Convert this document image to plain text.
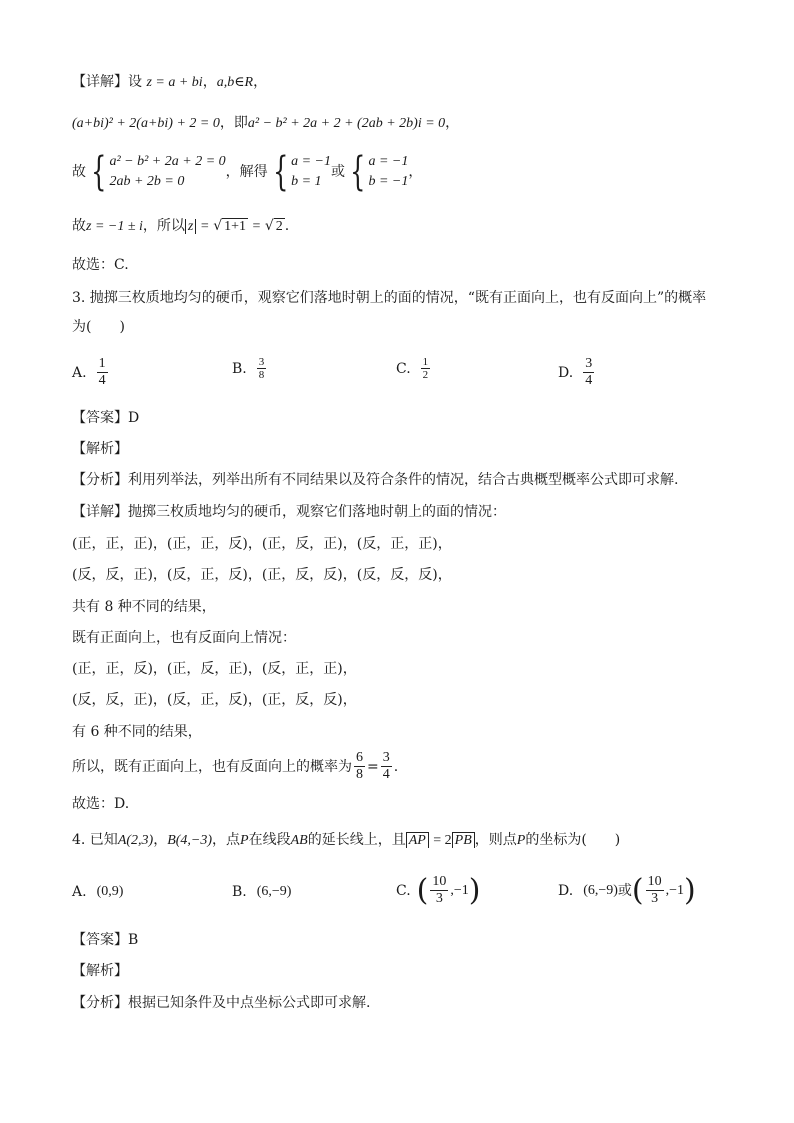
【详解】设 z = a + bi，a,b∈R，
(a+bi)² + 2(a+bi) + 2 = 0，即a² − b² + 2a + 2 + (2ab + 2b)i = 0，
故 { a² − b² + 2a + 2 = 0
2ab + 2b = 0
，解得 { a = −1
b = 1
或 { a = −1
b = −1
，
故z = −1 ± i，所以 z = √ 1+1 = √ 2 .
故选：C.
3. 抛掷三枚质地均匀的硬币，观察它们落地时朝上的面的情况，“既有正面向上，也有反面向上”的概率
为(　　)
A. $\frac{1}{4}$	B. $\frac{3}{8}$	C. $\frac{1}{2}$	D. $\frac{3}{4}$
【答案】D
【解析】
【分析】利用列举法，列举出所有不同结果以及符合条件的情况，结合古典概型概率公式即可求解.
【详解】抛掷三枚质地均匀的硬币，观察它们落地时朝上的面的情况：
(正，正，正)，(正，正，反)，(正，反，正)，(反，正，正)，
(反，反，正)，(反，正，反)，(正，反，反)，(反，反，反)，
共有 8 种不同的结果，
既有正面向上，也有反面向上情况：
(正，正，反)，(正，反，正)，(反，正，正)，
(反，反，正)，(反，正，反)，(正，反，反)，
有 6 种不同的结果，
所以，既有正面向上，也有反面向上的概率为 $\frac{6}{8} = \frac{3}{4}$ .
故选：D.
4. 已知A(2,3)，B(4,−3)，点P在线段AB的延长线上，且 AP = 2 PB ，则点P的坐标为(　　)
A. (0,9)	B. (6,−9)	C. ( $\frac{10}{3} ,-1$ )	D. (6,−9) 或 ( $\frac{10}{3} ,-1$ )
【答案】B
【解析】
【分析】根据已知条件及中点坐标公式即可求解.
